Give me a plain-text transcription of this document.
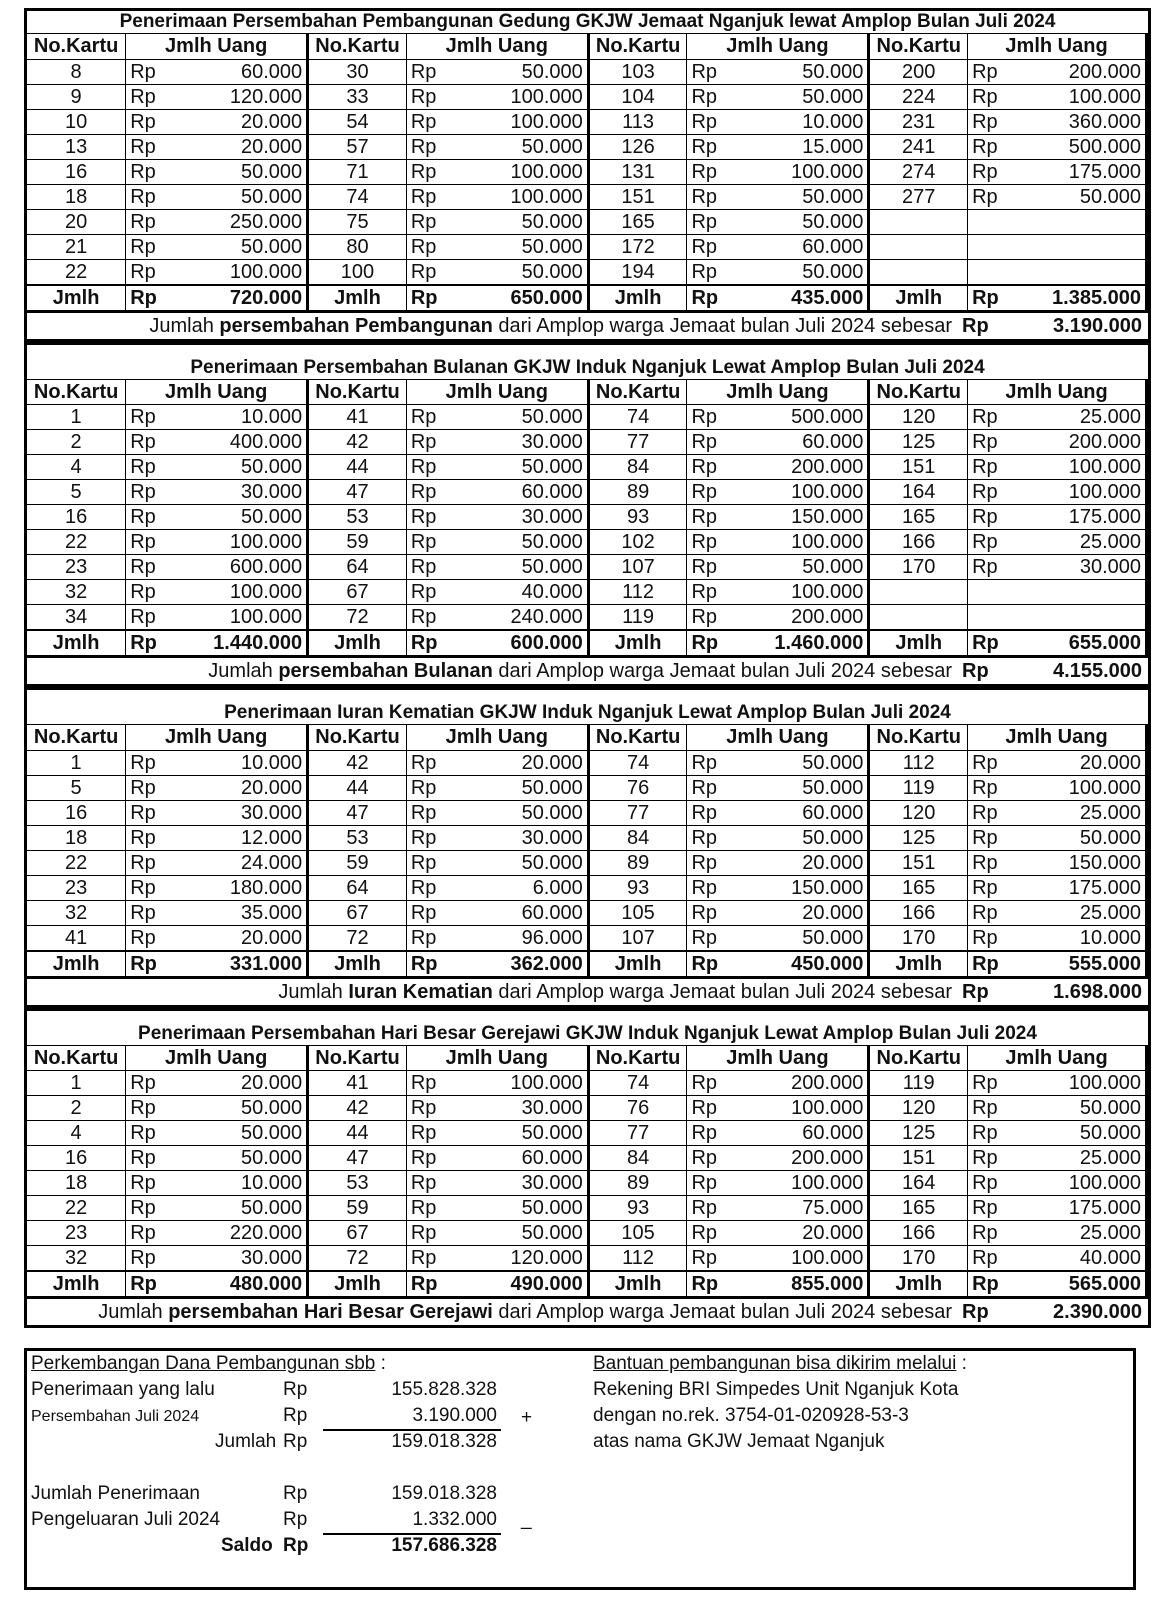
Penerimaan Persembahan Pembangunan Gedung GKJW Jemaat Nganjuk lewat Amplop Bulan Juli 2024
No.Kartu	Jmlh Uang		No.Kartu	Jmlh Uang		No.Kartu	Jmlh Uang		No.Kartu	Jmlh Uang	
8	Rp	60.000	30	Rp	50.000	103	Rp	50.000	200	Rp	200.000
9	Rp	120.000	33	Rp	100.000	104	Rp	50.000	224	Rp	100.000
10	Rp	20.000	54	Rp	100.000	113	Rp	10.000	231	Rp	360.000
13	Rp	20.000	57	Rp	50.000	126	Rp	15.000	241	Rp	500.000
16	Rp	50.000	71	Rp	100.000	131	Rp	100.000	274	Rp	175.000
18	Rp	50.000	74	Rp	100.000	151	Rp	50.000	277	Rp	50.000
20	Rp	250.000	75	Rp	50.000	165	Rp	50.000			
21	Rp	50.000	80	Rp	50.000	172	Rp	60.000			
22	Rp	100.000	100	Rp	50.000	194	Rp	50.000			
Jmlh	Rp	720.000	Jmlh	Rp	650.000	Jmlh	Rp	435.000	Jmlh	Rp	1.385.000
Jumlah persembahan Pembangunan dari Amplop warga Jemaat bulan Juli 2024 sebesar Rp	3.190.000
Penerimaan Persembahan Bulanan GKJW Induk Nganjuk Lewat Amplop Bulan Juli 2024
No.Kartu	Jmlh Uang		No.Kartu	Jmlh Uang		No.Kartu	Jmlh Uang		No.Kartu	Jmlh Uang	
1	Rp	10.000	41	Rp	50.000	74	Rp	500.000	120	Rp	25.000
2	Rp	400.000	42	Rp	30.000	77	Rp	60.000	125	Rp	200.000
4	Rp	50.000	44	Rp	50.000	84	Rp	200.000	151	Rp	100.000
5	Rp	30.000	47	Rp	60.000	89	Rp	100.000	164	Rp	100.000
16	Rp	50.000	53	Rp	30.000	93	Rp	150.000	165	Rp	175.000
22	Rp	100.000	59	Rp	50.000	102	Rp	100.000	166	Rp	25.000
23	Rp	600.000	64	Rp	50.000	107	Rp	50.000	170	Rp	30.000
32	Rp	100.000	67	Rp	40.000	112	Rp	100.000			
34	Rp	100.000	72	Rp	240.000	119	Rp	200.000			
Jmlh	Rp	1.440.000	Jmlh	Rp	600.000	Jmlh	Rp	1.460.000	Jmlh	Rp	655.000
Jumlah persembahan Bulanan dari Amplop warga Jemaat bulan Juli 2024 sebesar Rp	4.155.000
Penerimaan Iuran Kematian GKJW Induk Nganjuk Lewat Amplop Bulan Juli 2024
No.Kartu	Jmlh Uang		No.Kartu	Jmlh Uang		No.Kartu	Jmlh Uang		No.Kartu	Jmlh Uang	
1	Rp	10.000	42	Rp	20.000	74	Rp	50.000	112	Rp	20.000
5	Rp	20.000	44	Rp	50.000	76	Rp	50.000	119	Rp	100.000
16	Rp	30.000	47	Rp	50.000	77	Rp	60.000	120	Rp	25.000
18	Rp	12.000	53	Rp	30.000	84	Rp	50.000	125	Rp	50.000
22	Rp	24.000	59	Rp	50.000	89	Rp	20.000	151	Rp	150.000
23	Rp	180.000	64	Rp	6.000	93	Rp	150.000	165	Rp	175.000
32	Rp	35.000	67	Rp	60.000	105	Rp	20.000	166	Rp	25.000
41	Rp	20.000	72	Rp	96.000	107	Rp	50.000	170	Rp	10.000
Jmlh	Rp	331.000	Jmlh	Rp	362.000	Jmlh	Rp	450.000	Jmlh	Rp	555.000
Jumlah Iuran Kematian dari Amplop warga Jemaat bulan Juli 2024 sebesar Rp	1.698.000
Penerimaan Persembahan Hari Besar Gerejawi GKJW Induk Nganjuk Lewat Amplop Bulan Juli 2024
No.Kartu	Jmlh Uang		No.Kartu	Jmlh Uang		No.Kartu	Jmlh Uang		No.Kartu	Jmlh Uang	
1	Rp	20.000	41	Rp	100.000	74	Rp	200.000	119	Rp	100.000
2	Rp	50.000	42	Rp	30.000	76	Rp	100.000	120	Rp	50.000
4	Rp	50.000	44	Rp	50.000	77	Rp	60.000	125	Rp	50.000
16	Rp	50.000	47	Rp	60.000	84	Rp	200.000	151	Rp	25.000
18	Rp	10.000	53	Rp	30.000	89	Rp	100.000	164	Rp	100.000
22	Rp	50.000	59	Rp	50.000	93	Rp	75.000	165	Rp	175.000
23	Rp	220.000	67	Rp	50.000	105	Rp	20.000	166	Rp	25.000
32	Rp	30.000	72	Rp	120.000	112	Rp	100.000	170	Rp	40.000
Jmlh	Rp	480.000	Jmlh	Rp	490.000	Jmlh	Rp	855.000	Jmlh	Rp	565.000
Jumlah persembahan Hari Besar Gerejawi dari Amplop warga Jemaat bulan Juli 2024 sebesar Rp	2.390.000
Perkembangan Dana Pembangunan sbb :
Penerimaan yang lalu	Rp	155.828.328
Persembahan Juli 2024	Rp	3.190.000 +
Jumlah Rp	159.018.328
Jumlah Penerimaan	Rp	159.018.328
Pengeluaran Juli 2024	Rp	1.332.000 _
Saldo Rp	157.686.328
Bantuan pembangunan bisa dikirim melalui :
Rekening BRI Simpedes Unit Nganjuk Kota
dengan no.rek. 3754-01-020928-53-3
atas nama GKJW Jemaat Nganjuk
